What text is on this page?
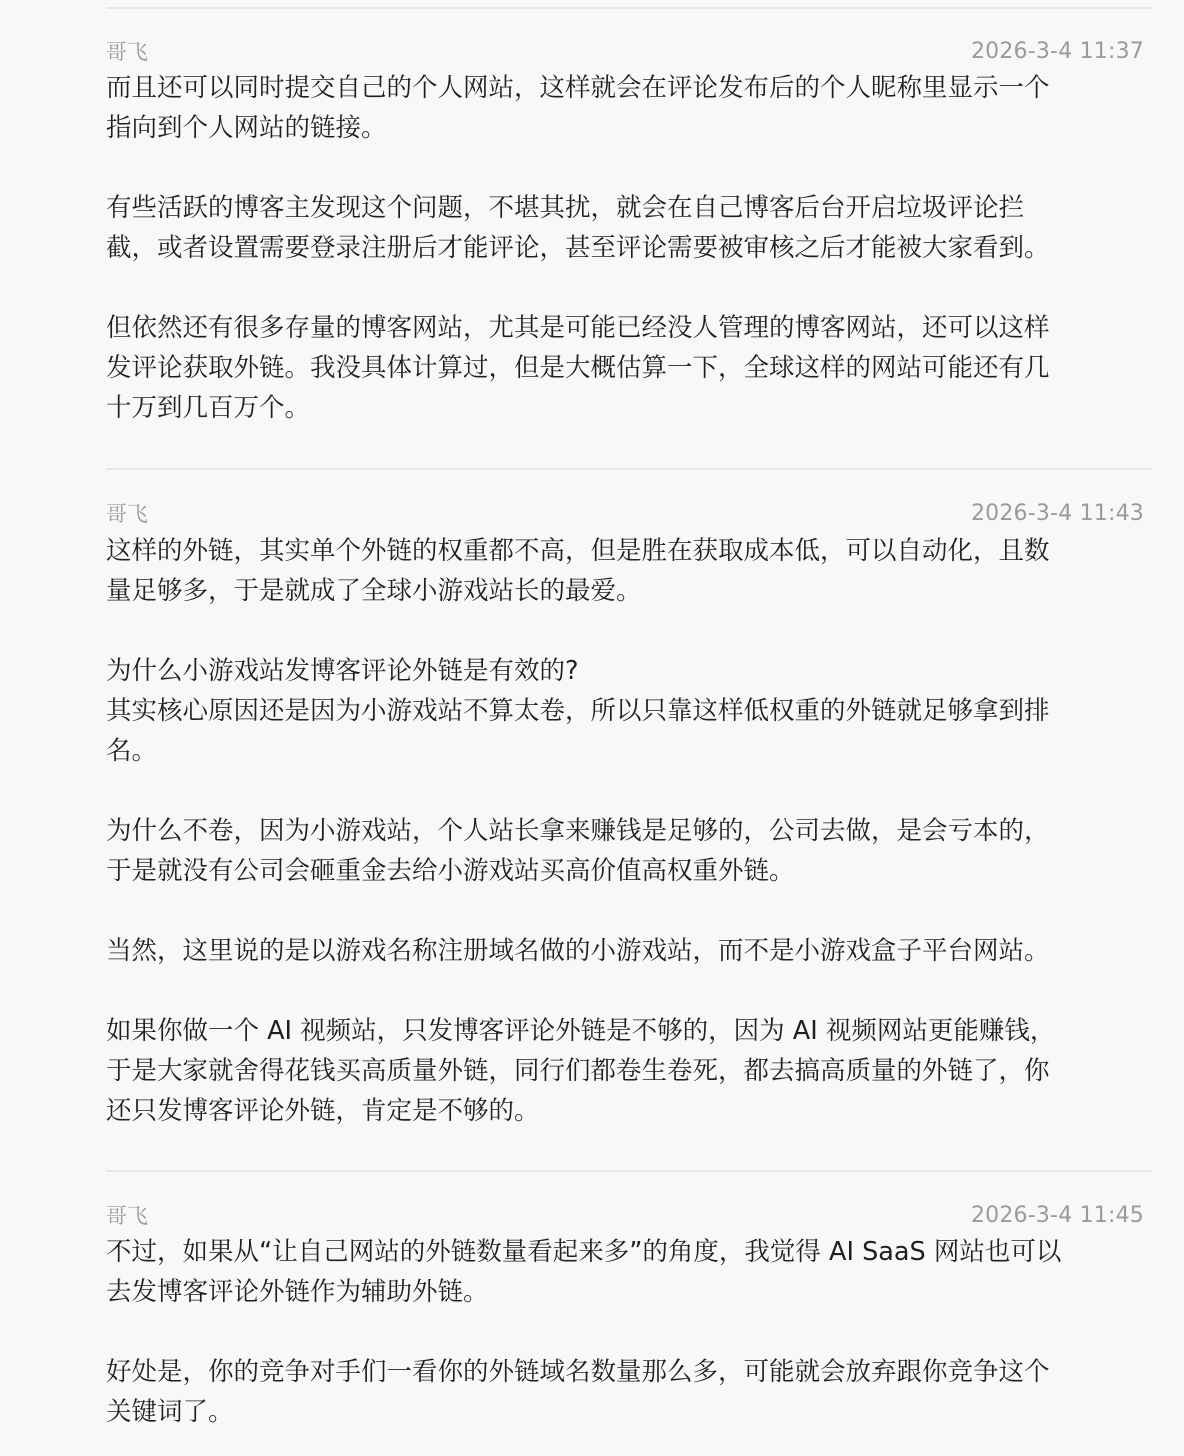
哥飞	2026-3-4 11:37

而且还可以同时提交自己的个人网站，这样就会在评论发布后的个人昵称里显示一个
指向到个人网站的链接。

有些活跃的博客主发现这个问题，不堪其扰，就会在自己博客后台开启垃圾评论拦
截，或者设置需要登录注册后才能评论，甚至评论需要被审核之后才能被大家看到。

但依然还有很多存量的博客网站，尤其是可能已经没人管理的博客网站，还可以这样
发评论获取外链。我没具体计算过，但是大概估算一下，全球这样的网站可能还有几
十万到几百万个。

哥飞	2026-3-4 11:43

这样的外链，其实单个外链的权重都不高，但是胜在获取成本低，可以自动化，且数
量足够多，于是就成了全球小游戏站长的最爱。

为什么小游戏站发博客评论外链是有效的?
其实核心原因还是因为小游戏站不算太卷，所以只靠这样低权重的外链就足够拿到排
名。

为什么不卷，因为小游戏站，个人站长拿来赚钱是足够的，公司去做，是会亏本的，
于是就没有公司会砸重金去给小游戏站买高价值高权重外链。

当然，这里说的是以游戏名称注册域名做的小游戏站，而不是小游戏盒子平台网站。

如果你做一个 AI 视频站，只发博客评论外链是不够的，因为 AI 视频网站更能赚钱，
于是大家就舍得花钱买高质量外链，同行们都卷生卷死，都去搞高质量的外链了，你
还只发博客评论外链，肯定是不够的。

哥飞	2026-3-4 11:45

不过，如果从“让自己网站的外链数量看起来多”的角度，我觉得 AI SaaS 网站也可以
去发博客评论外链作为辅助外链。

好处是，你的竞争对手们一看你的外链域名数量那么多，可能就会放弃跟你竞争这个
关键词了。
